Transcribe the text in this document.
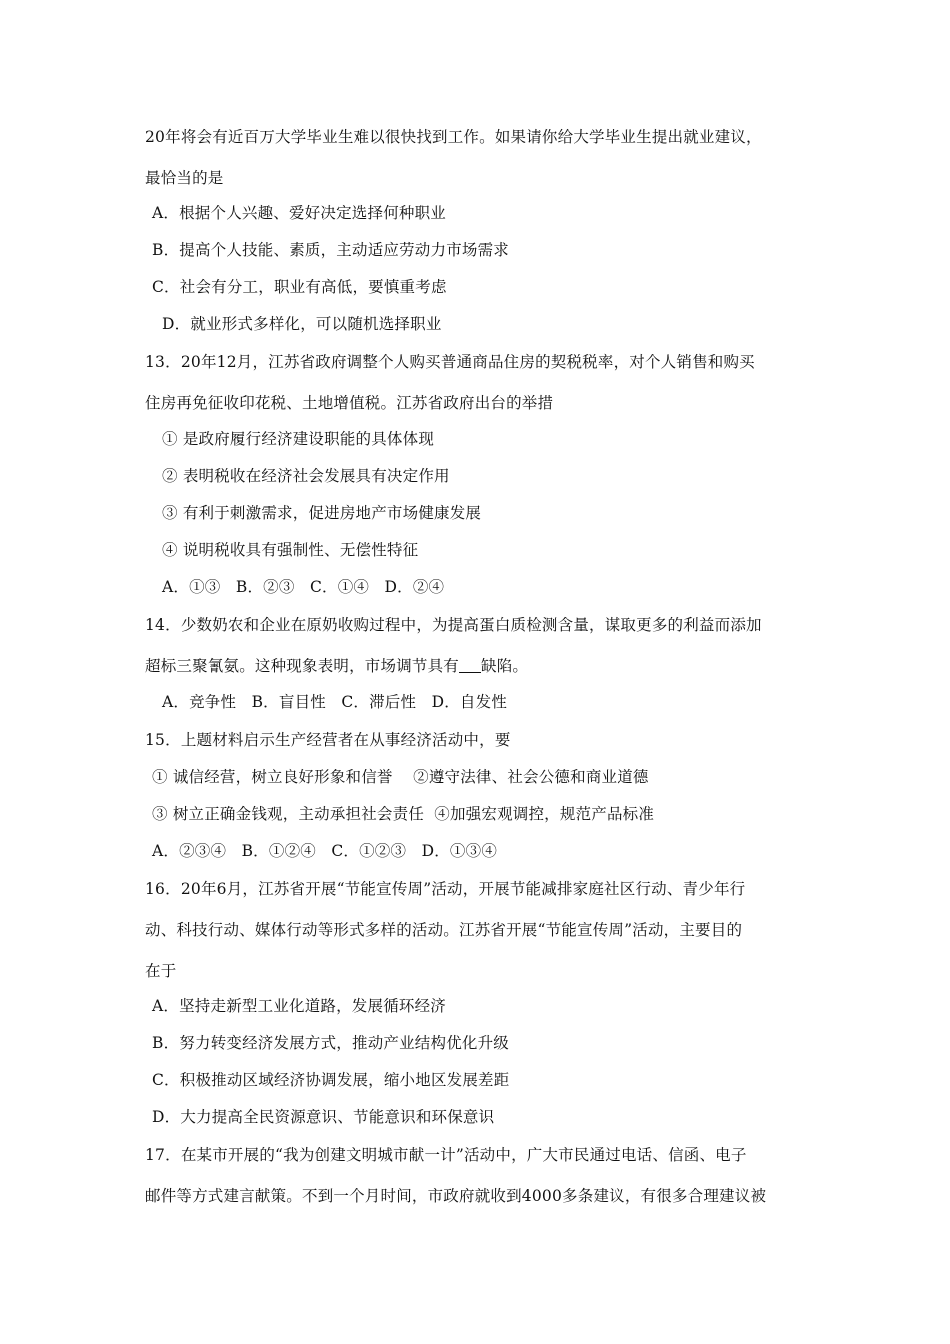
20年将会有近百万大学毕业生难以很快找到工作。如果请你给大学毕业生提出就业建议，
最恰当的是
A．根据个人兴趣、爱好决定选择何种职业
B．提高个人技能、素质，主动适应劳动力市场需求
C．社会有分工，职业有高低，要慎重考虑
D．就业形式多样化，可以随机选择职业
13．20年12月，江苏省政府调整个人购买普通商品住房的契税税率，对个人销售和购买
住房再免征收印花税、土地增值税。江苏省政府出台的举措
① 是政府履行经济建设职能的具体体现
② 表明税收在经济社会发展具有决定作用
③ 有利于刺激需求，促进房地产市场健康发展
④ 说明税收具有强制性、无偿性特征
A．①③   B．②③   C．①④   D．②④
14．少数奶农和企业在原奶收购过程中，为提高蛋白质检测含量，谋取更多的利益而添加
超标三聚氰氨。这种现象表明，市场调节具有 缺陷。
A．竞争性   B．盲目性   C．滞后性   D．自发性
15．上题材料启示生产经营者在从事经济活动中，要
① 诚信经营，树立良好形象和信誉    ②遵守法律、社会公德和商业道德
③ 树立正确金钱观，主动承担社会责任  ④加强宏观调控，规范产品标准
A．②③④   B．①②④   C．①②③   D．①③④
16．20年6月，江苏省开展“节能宣传周”活动，开展节能减排家庭社区行动、青少年行
动、科技行动、媒体行动等形式多样的活动。江苏省开展“节能宣传周”活动，主要目的
在于
A．坚持走新型工业化道路，发展循环经济
B．努力转变经济发展方式，推动产业结构优化升级
C．积极推动区域经济协调发展，缩小地区发展差距
D．大力提高全民资源意识、节能意识和环保意识
17．在某市开展的“我为创建文明城市献一计”活动中，广大市民通过电话、信函、电子
邮件等方式建言献策。不到一个月时间，市政府就收到4000多条建议，有很多合理建议被
